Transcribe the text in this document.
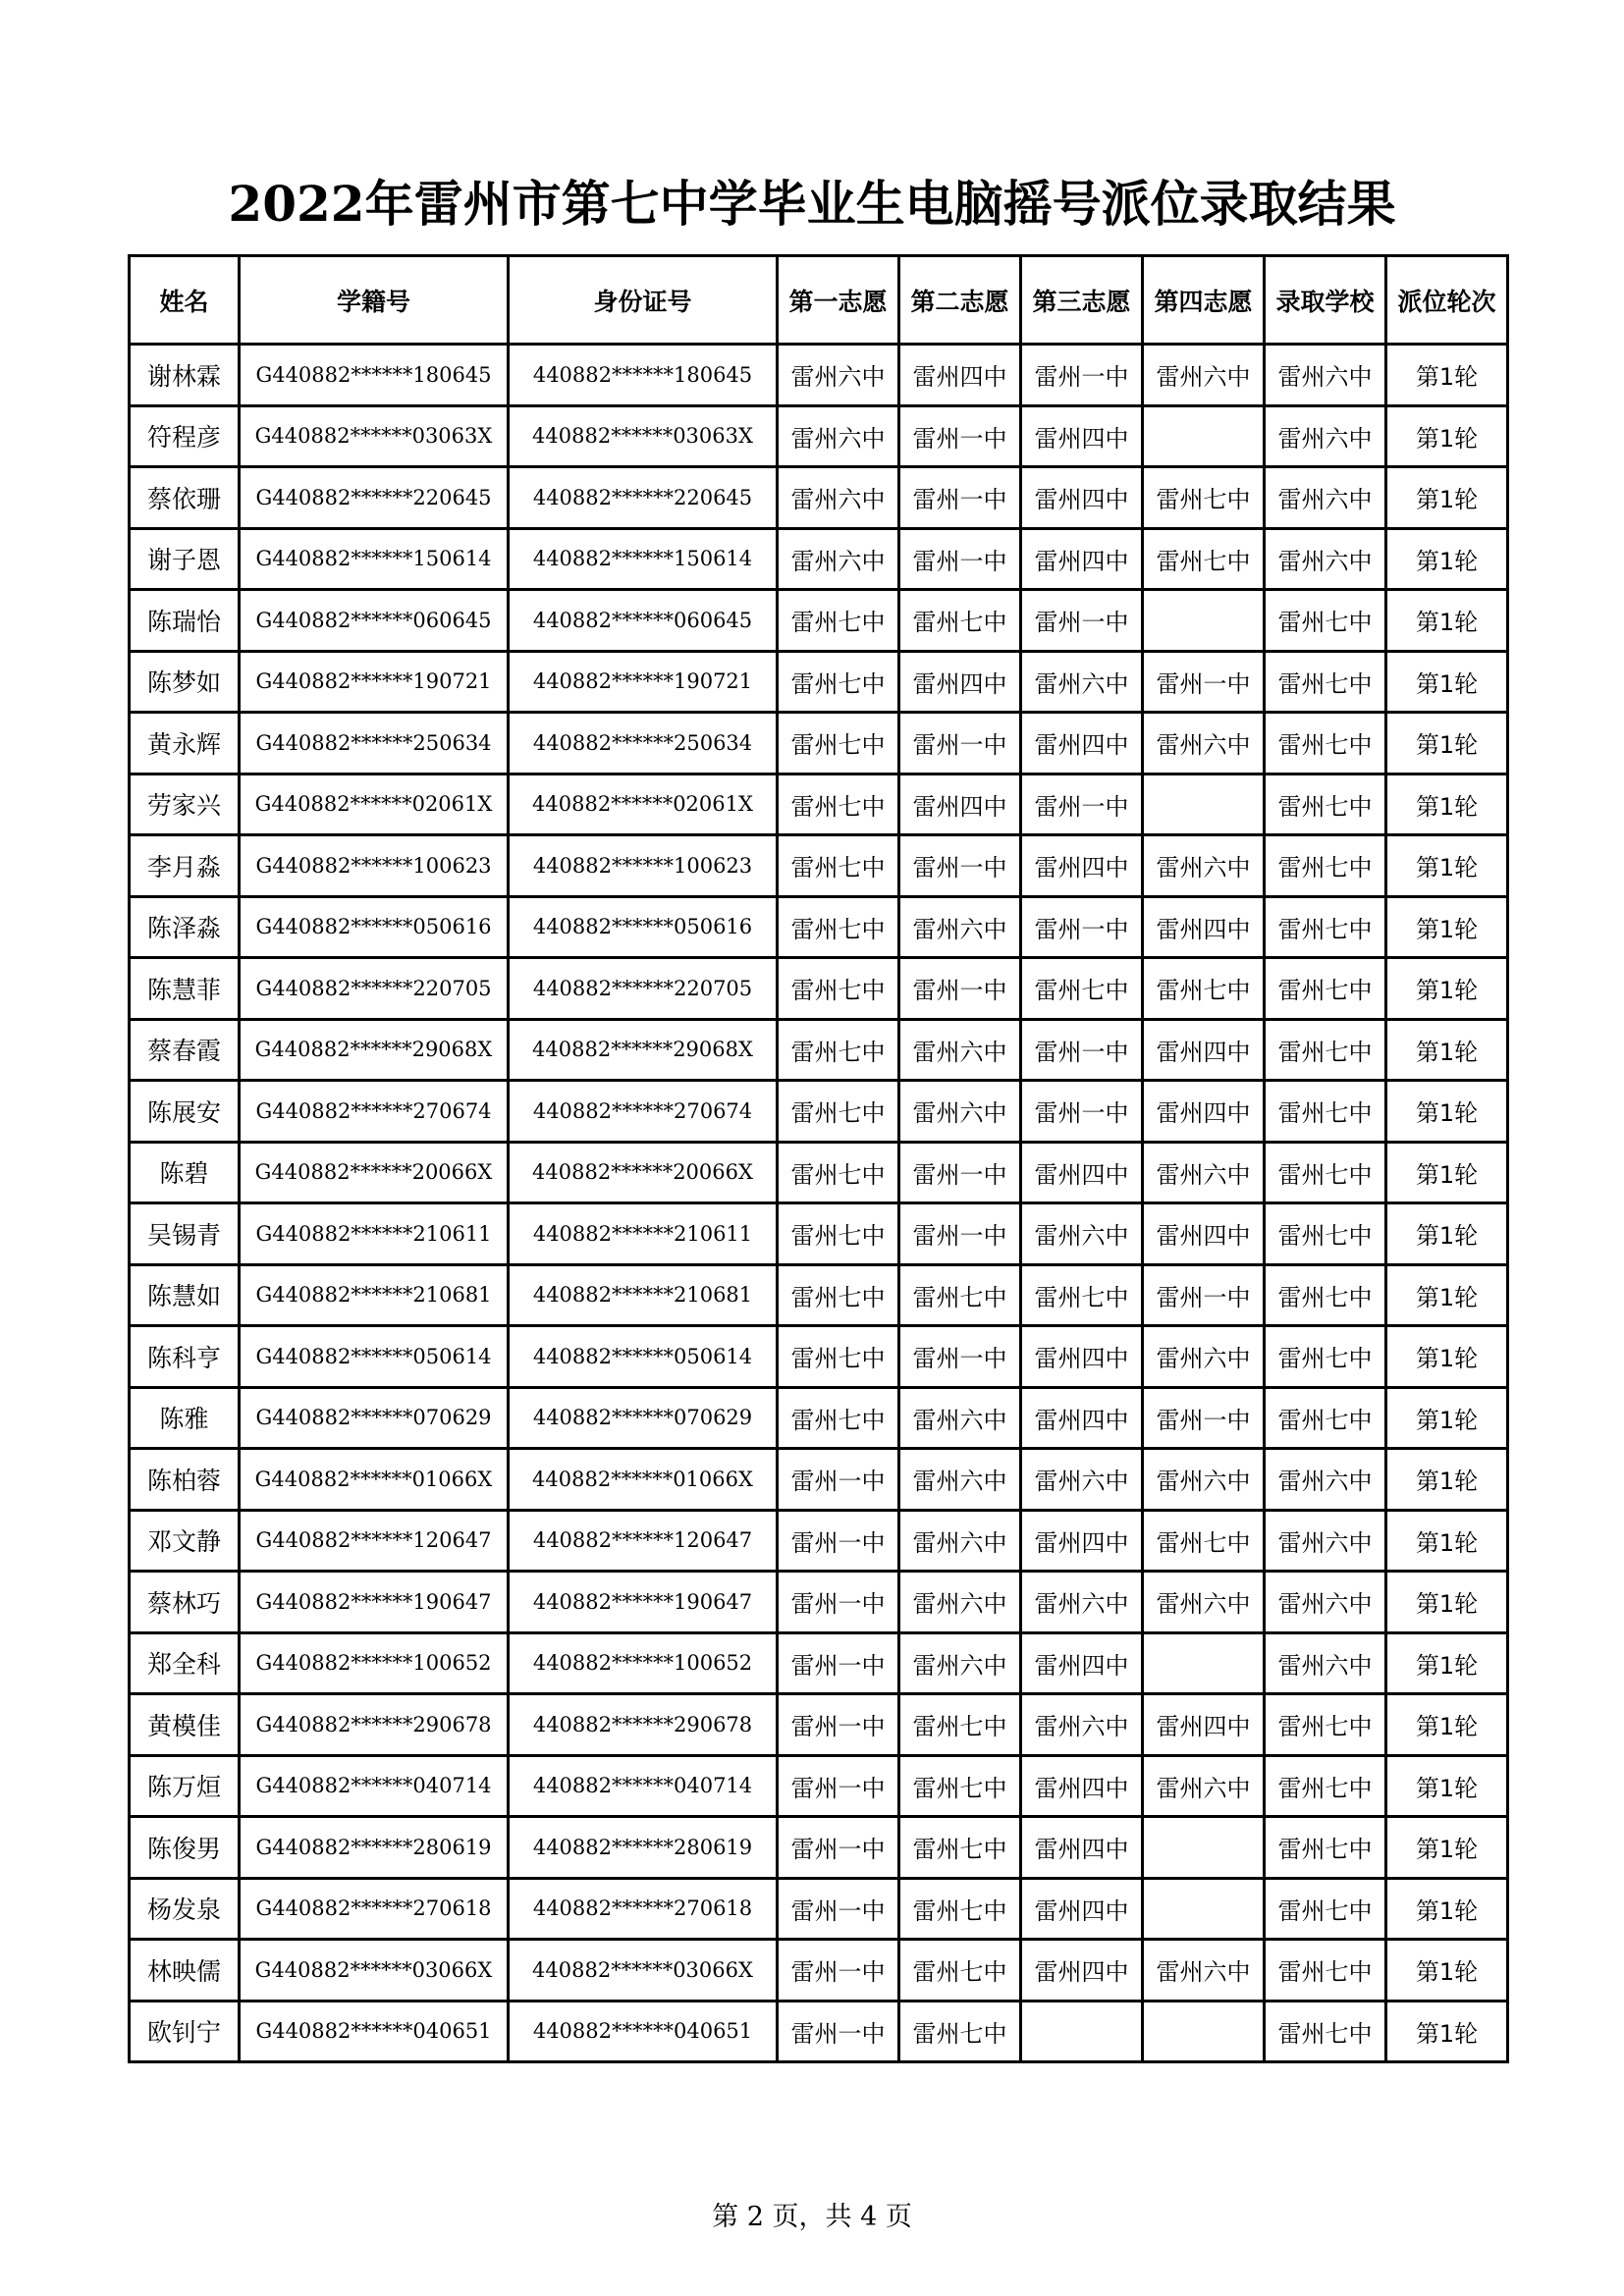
2022年雷州市第七中学毕业生电脑摇号派位录取结果
姓名	学籍号	身份证号	第一志愿	第二志愿	第三志愿	第四志愿	录取学校	派位轮次
谢林霖	G440882******180645	440882******180645	雷州六中	雷州四中	雷州一中	雷州六中	雷州六中	第1轮
符程彦	G440882******03063X	440882******03063X	雷州六中	雷州一中	雷州四中		雷州六中	第1轮
蔡依珊	G440882******220645	440882******220645	雷州六中	雷州一中	雷州四中	雷州七中	雷州六中	第1轮
谢子恩	G440882******150614	440882******150614	雷州六中	雷州一中	雷州四中	雷州七中	雷州六中	第1轮
陈瑞怡	G440882******060645	440882******060645	雷州七中	雷州七中	雷州一中		雷州七中	第1轮
陈梦如	G440882******190721	440882******190721	雷州七中	雷州四中	雷州六中	雷州一中	雷州七中	第1轮
黄永辉	G440882******250634	440882******250634	雷州七中	雷州一中	雷州四中	雷州六中	雷州七中	第1轮
劳家兴	G440882******02061X	440882******02061X	雷州七中	雷州四中	雷州一中		雷州七中	第1轮
李月淼	G440882******100623	440882******100623	雷州七中	雷州一中	雷州四中	雷州六中	雷州七中	第1轮
陈泽淼	G440882******050616	440882******050616	雷州七中	雷州六中	雷州一中	雷州四中	雷州七中	第1轮
陈慧菲	G440882******220705	440882******220705	雷州七中	雷州一中	雷州七中	雷州七中	雷州七中	第1轮
蔡春霞	G440882******29068X	440882******29068X	雷州七中	雷州六中	雷州一中	雷州四中	雷州七中	第1轮
陈展安	G440882******270674	440882******270674	雷州七中	雷州六中	雷州一中	雷州四中	雷州七中	第1轮
陈碧	G440882******20066X	440882******20066X	雷州七中	雷州一中	雷州四中	雷州六中	雷州七中	第1轮
吴锡青	G440882******210611	440882******210611	雷州七中	雷州一中	雷州六中	雷州四中	雷州七中	第1轮
陈慧如	G440882******210681	440882******210681	雷州七中	雷州七中	雷州七中	雷州一中	雷州七中	第1轮
陈科亨	G440882******050614	440882******050614	雷州七中	雷州一中	雷州四中	雷州六中	雷州七中	第1轮
陈雅	G440882******070629	440882******070629	雷州七中	雷州六中	雷州四中	雷州一中	雷州七中	第1轮
陈柏蓉	G440882******01066X	440882******01066X	雷州一中	雷州六中	雷州六中	雷州六中	雷州六中	第1轮
邓文静	G440882******120647	440882******120647	雷州一中	雷州六中	雷州四中	雷州七中	雷州六中	第1轮
蔡林巧	G440882******190647	440882******190647	雷州一中	雷州六中	雷州六中	雷州六中	雷州六中	第1轮
郑全科	G440882******100652	440882******100652	雷州一中	雷州六中	雷州四中		雷州六中	第1轮
黄模佳	G440882******290678	440882******290678	雷州一中	雷州七中	雷州六中	雷州四中	雷州七中	第1轮
陈万烜	G440882******040714	440882******040714	雷州一中	雷州七中	雷州四中	雷州六中	雷州七中	第1轮
陈俊男	G440882******280619	440882******280619	雷州一中	雷州七中	雷州四中		雷州七中	第1轮
杨发泉	G440882******270618	440882******270618	雷州一中	雷州七中	雷州四中		雷州七中	第1轮
林映儒	G440882******03066X	440882******03066X	雷州一中	雷州七中	雷州四中	雷州六中	雷州七中	第1轮
欧钊宁	G440882******040651	440882******040651	雷州一中	雷州七中			雷州七中	第1轮
第 2 页，共 4 页
